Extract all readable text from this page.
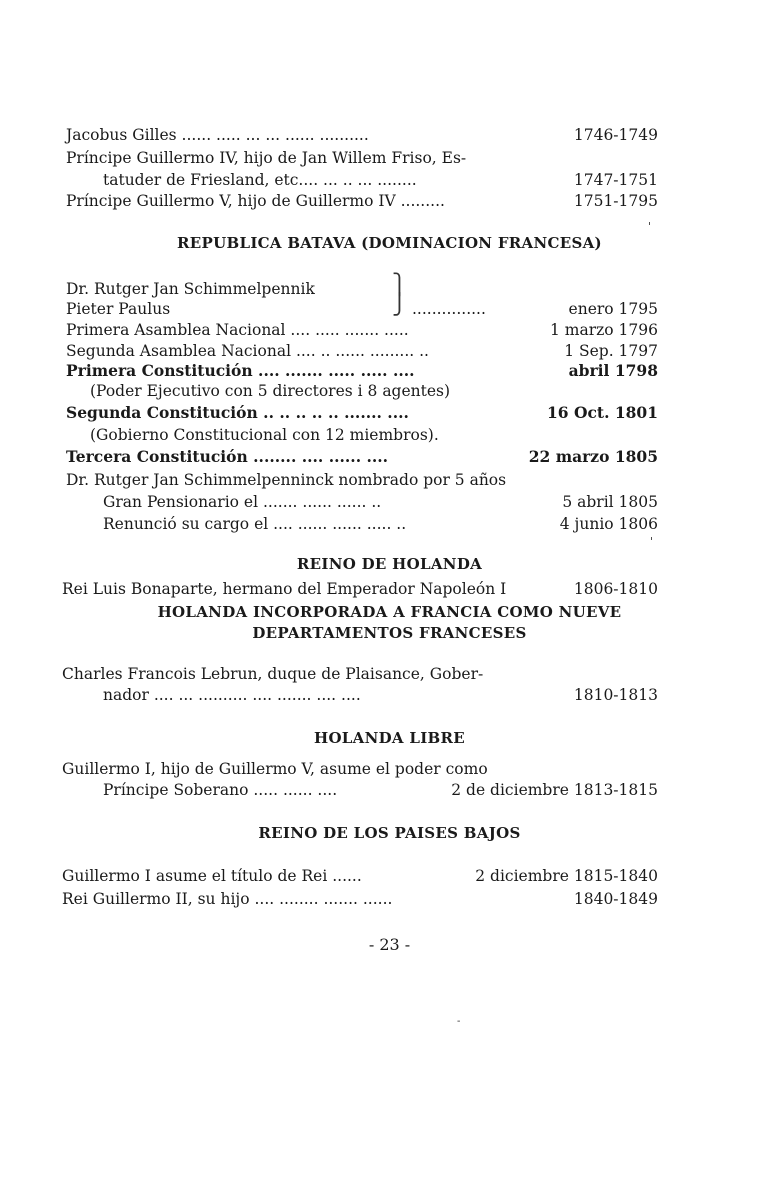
Jacobus Gilles ...... ..... ... ... ...... ..........	1746-1749
Príncipe Guillermo IV, hijo de Jan Willem Friso, Es-
tatuder de Friesland, etc.... ... .. ... ........	1747-1751
Príncipe Guillermo V, hijo de Guillermo IV .........	1751-1795
REPUBLICA BATAVA (DOMINACION FRANCESA)
Dr. Rutger Jan Schimmelpennik	⎫
⎭
Pieter Paulus	...............	enero 1795
Primera Asamblea Nacional .... ..... ....... .....	1 marzo 1796
Segunda Asamblea Nacional .... .. ...... ......... ..	1 Sep. 1797
Primera Constitución .... ....... ..... ..... ....	abril 1798
(Poder Ejecutivo con 5 directores i 8 agentes)
Segunda Constitución .. .. .. .. .. ....... ....	16 Oct. 1801
(Gobierno Constitucional con 12 miembros).
Tercera Constitución ........ .... ...... ....	22 marzo 1805
Dr. Rutger Jan Schimmelpenninck nombrado por 5 años
Gran Pensionario el ....... ...... ...... ..	5 abril 1805
Renunció su cargo el .... ...... ...... ..... ..	4 junio 1806
REINO DE HOLANDA
Rei Luis Bonaparte, hermano del Emperador Napoleón I	1806-1810
HOLANDA INCORPORADA A FRANCIA COMO NUEVE
DEPARTAMENTOS FRANCESES
Charles Francois Lebrun, duque de Plaisance, Gober-
nador .... ... .......... .... ....... .... ....	1810-1813
HOLANDA LIBRE
Guillermo I, hijo de Guillermo V, asume el poder como
Príncipe Soberano ..... ...... ....	2 de diciembre 1813-1815
REINO DE LOS PAISES BAJOS
Guillermo I asume el título de Rei ......	2 diciembre 1815-1840
Rei Guillermo II, su hijo .... ........ ....... ......	1840-1849
- 23 -
'
'
-
